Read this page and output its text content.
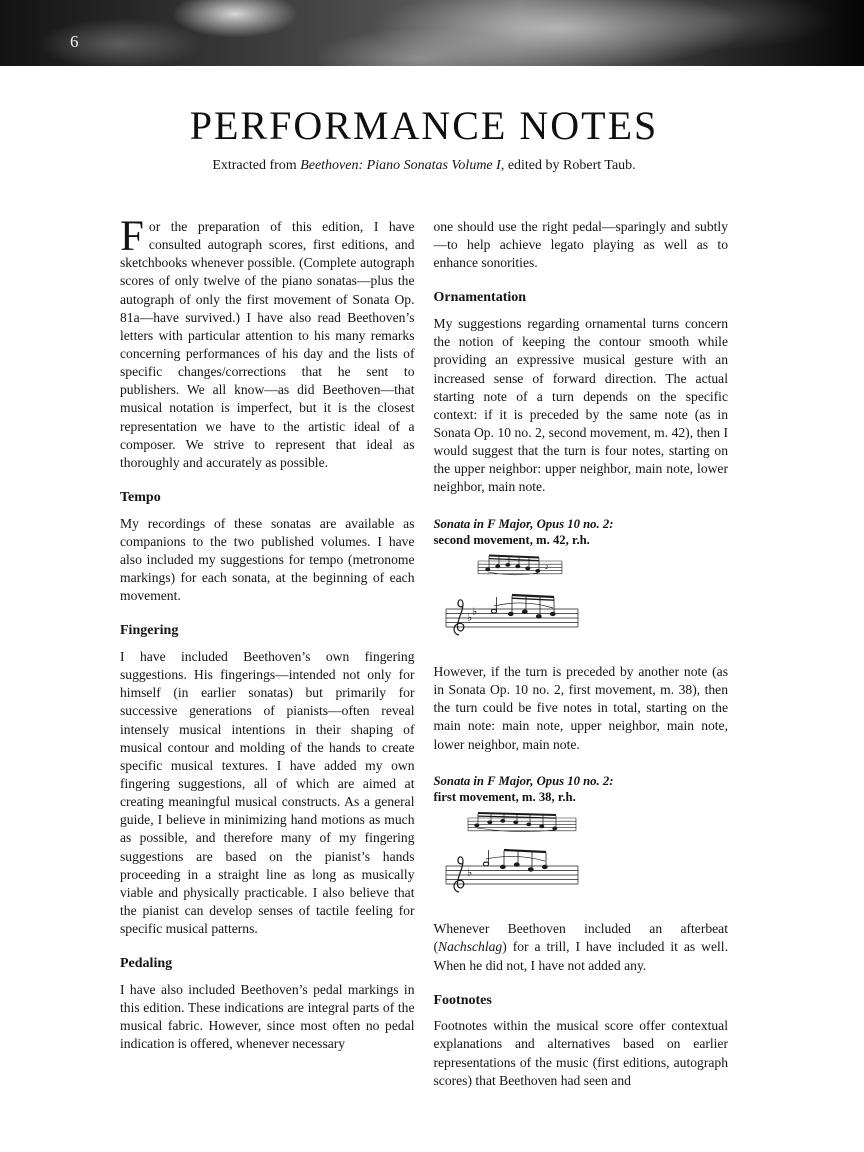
6
LABORUM
DULCE
LENIMEN
G. SCHIRMER
PERFORMANCE NOTES

Extracted from Beethoven: Piano Sonatas Volume I, edited by Robert Taub.

For the preparation of this edition, I have consulted autograph scores, first editions, and sketchbooks whenever possible. (Complete autograph scores of only twelve of the piano sonatas—plus the autograph of only the first movement of Sonata Op. 81a—have survived.) I have also read Beethoven’s letters with particular attention to his many remarks concerning performances of his day and the lists of specific changes/corrections that he sent to publishers. We all know—as did Beethoven—that musical notation is imperfect, but it is the closest representation we have to the artistic ideal of a composer. We strive to represent that ideal as thoroughly and accurately as possible.

Tempo

My recordings of these sonatas are available as companions to the two published volumes. I have also included my suggestions for tempo (metronome markings) for each sonata, at the beginning of each movement.

Fingering

I have included Beethoven’s own fingering suggestions. His fingerings—intended not only for himself (in earlier sonatas) but primarily for successive generations of pianists—often reveal intensely musical intentions in their shaping of musical contour and molding of the hands to create specific musical textures. I have added my own fingering suggestions, all of which are aimed at creating meaningful musical constructs. As a general guide, I believe in minimizing hand motions as much as possible, and therefore many of my fingering suggestions are based on the pianist’s hands proceeding in a straight line as long as musically viable and physically practicable. I also believe that the pianist can develop senses of tactile feeling for specific musical patterns.

Pedaling

I have also included Beethoven’s pedal markings in this edition. These indications are integral parts of the musical fabric. However, since most often no pedal indication is offered, whenever necessary

one should use the right pedal—sparingly and subtly—to help achieve legato playing as well as to enhance sonorities.

Ornamentation

My suggestions regarding ornamental turns concern the notion of keeping the contour smooth while providing an expressive musical gesture with an increased sense of forward direction. The actual starting note of a turn depends on the specific context: if it is preceded by the same note (as in Sonata Op. 10 no. 2, second movement, m. 42), then I would suggest that the turn is four notes, starting on the upper neighbor: upper neighbor, main note, lower neighbor, main note.

Sonata in F Major, Opus 10 no. 2:
second movement, m. 42, r.h.
2
♭ ♭

However, if the turn is preceded by another note (as in Sonata Op. 10 no. 2, first movement, m. 38), then the turn could be five notes in total, starting on the main note: main note, upper neighbor, main note, lower neighbor, main note.

Sonata in F Major, Opus 10 no. 2:
first movement, m. 38, r.h.
♭

Whenever Beethoven included an afterbeat (Nachschlag) for a trill, I have included it as well. When he did not, I have not added any.

Footnotes

Footnotes within the musical score offer contextual explanations and alternatives based on earlier representations of the music (first editions, autograph scores) that Beethoven had seen and
